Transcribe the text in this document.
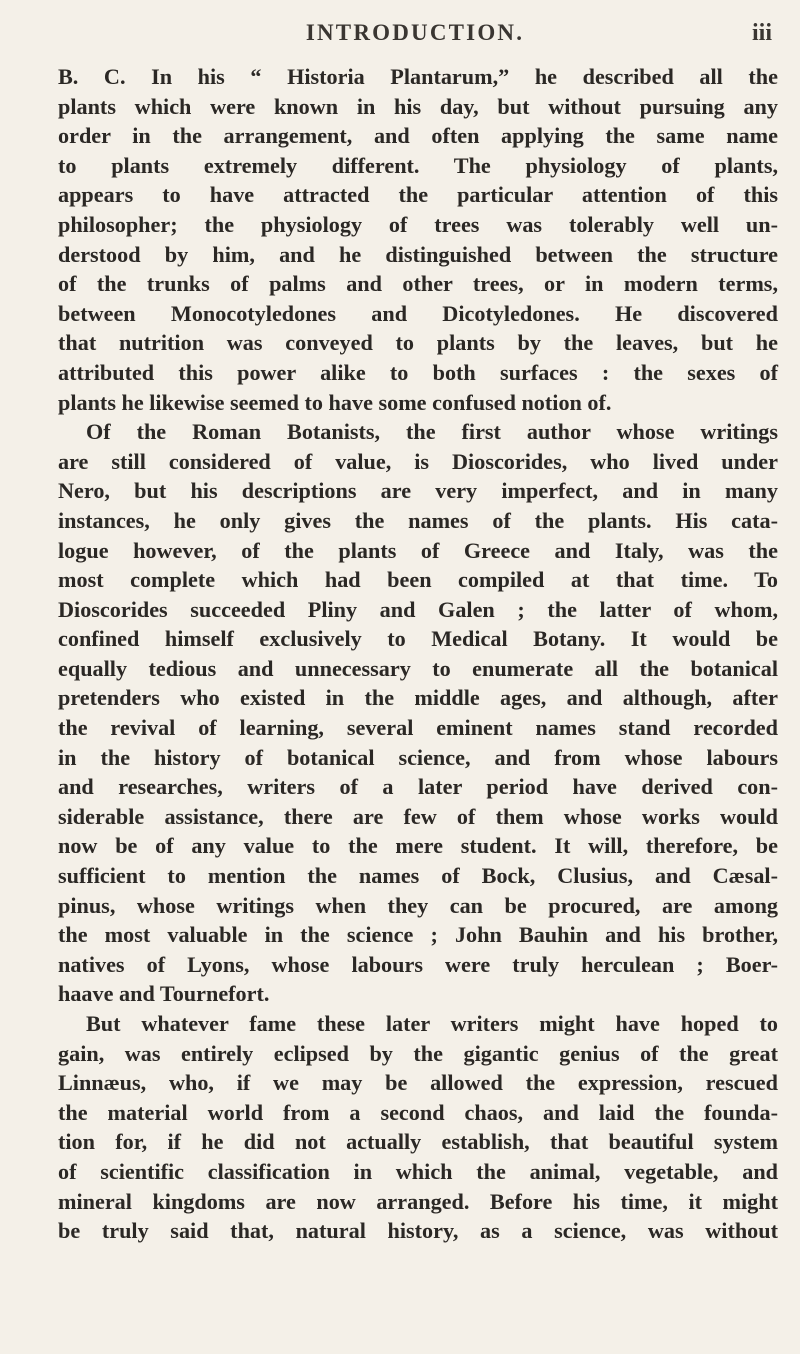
INTRODUCTION.	iii
B. C. In his “ Historia Plantarum,” he described all the
plants which were known in his day, but without pursuing any
order in the arrangement, and often applying the same name
to plants extremely different. The physiology of plants,
appears to have attracted the particular attention of this
philosopher; the physiology of trees was tolerably well un-
derstood by him, and he distinguished between the structure
of the trunks of palms and other trees, or in modern terms,
between Monocotyledones and Dicotyledones. He discovered
that nutrition was conveyed to plants by the leaves, but he
attributed this power alike to both surfaces : the sexes of
plants he likewise seemed to have some confused notion of.
Of the Roman Botanists, the first author whose writings
are still considered of value, is Dioscorides, who lived under
Nero, but his descriptions are very imperfect, and in many
instances, he only gives the names of the plants. His cata-
logue however, of the plants of Greece and Italy, was the
most complete which had been compiled at that time. To
Dioscorides succeeded Pliny and Galen ; the latter of whom,
confined himself exclusively to Medical Botany. It would be
equally tedious and unnecessary to enumerate all the botanical
pretenders who existed in the middle ages, and although, after
the revival of learning, several eminent names stand recorded
in the history of botanical science, and from whose labours
and researches, writers of a later period have derived con-
siderable assistance, there are few of them whose works would
now be of any value to the mere student. It will, therefore, be
sufficient to mention the names of Bock, Clusius, and Cæsal-
pinus, whose writings when they can be procured, are among
the most valuable in the science ; John Bauhin and his brother,
natives of Lyons, whose labours were truly herculean ; Boer-
haave and Tournefort.
But whatever fame these later writers might have hoped to
gain, was entirely eclipsed by the gigantic genius of the great
Linnæus, who, if we may be allowed the expression, rescued
the material world from a second chaos, and laid the founda-
tion for, if he did not actually establish, that beautiful system
of scientific classification in which the animal, vegetable, and
mineral kingdoms are now arranged. Before his time, it might
be truly said that, natural history, as a science, was without
